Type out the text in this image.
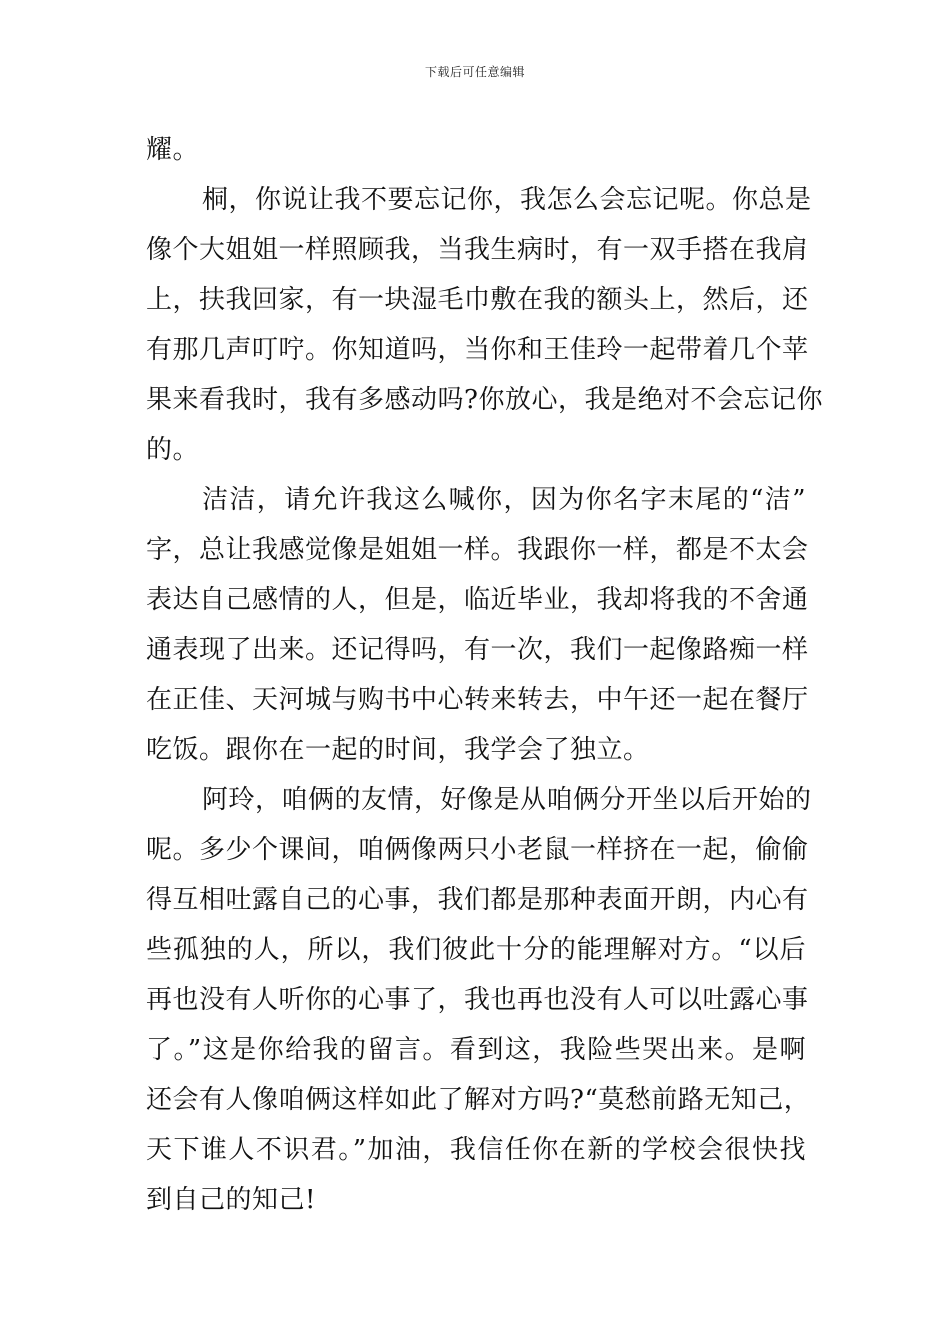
下载后可任意编辑
耀。
桐，你说让我不要忘记你，我怎么会忘记呢。你总是
像个大姐姐一样照顾我，当我生病时，有一双手搭在我肩
上，扶我回家，有一块湿毛巾敷在我的额头上，然后，还
有那几声叮咛。你知道吗，当你和王佳玲一起带着几个苹
果来看我时，我有多感动吗?你放心，我是绝对不会忘记你
的。
洁洁，请允许我这么喊你，因为你名字末尾的“洁”
字，总让我感觉像是姐姐一样。我跟你一样，都是不太会
表达自己感情的人，但是，临近毕业，我却将我的不舍通
通表现了出来。还记得吗，有一次，我们一起像路痴一样
在正佳、天河城与购书中心转来转去，中午还一起在餐厅
吃饭。跟你在一起的时间，我学会了独立。
阿玲，咱俩的友情，好像是从咱俩分开坐以后开始的
呢。多少个课间，咱俩像两只小老鼠一样挤在一起，偷偷
得互相吐露自己的心事，我们都是那种表面开朗，内心有
些孤独的人，所以，我们彼此十分的能理解对方。“以后
再也没有人听你的心事了，我也再也没有人可以吐露心事
了。”这是你给我的留言。看到这，我险些哭出来。是啊
还会有人像咱俩这样如此了解对方吗?“莫愁前路无知己，
天下谁人不识君。”加油，我信任你在新的学校会很快找
到自己的知己!
